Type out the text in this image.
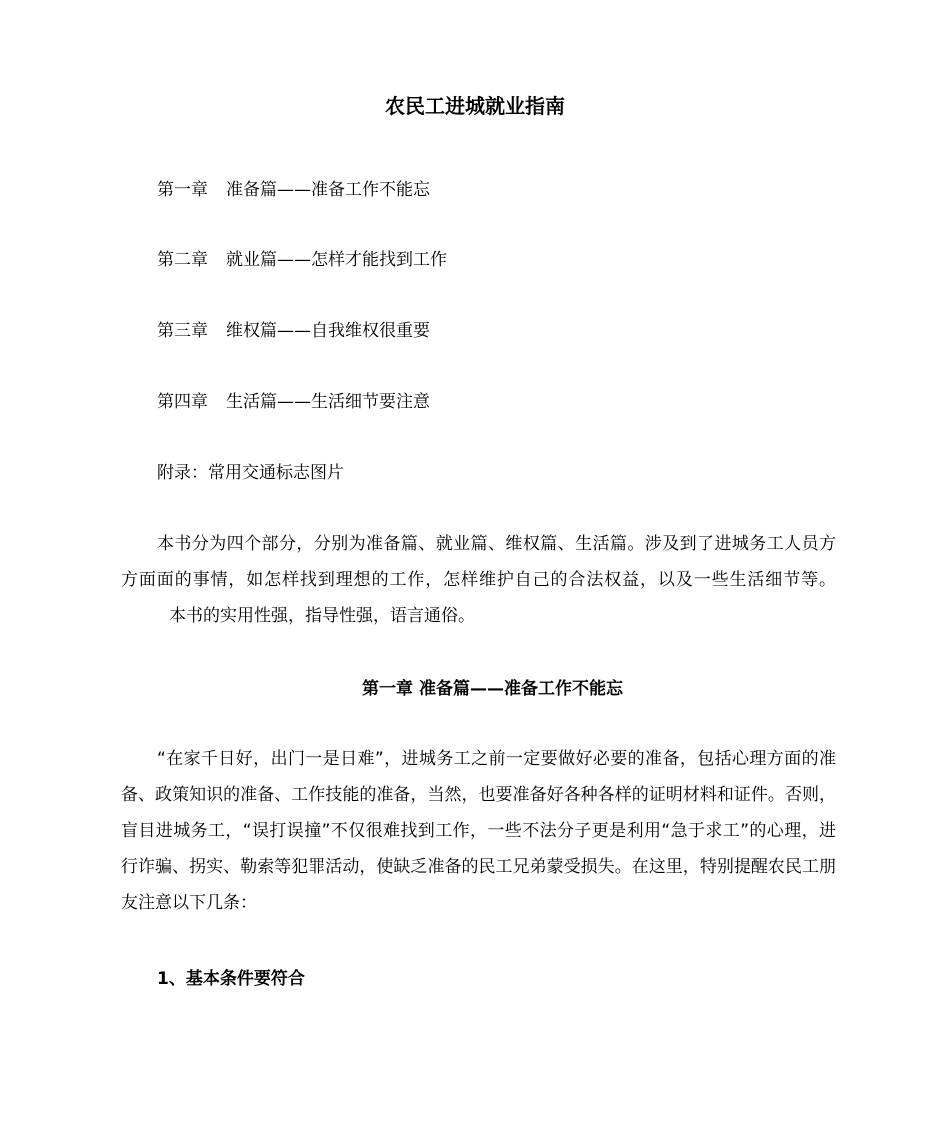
农民工进城就业指南
第一章 准备篇——准备工作不能忘
第二章 就业篇——怎样才能找到工作
第三章 维权篇——自我维权很重要
第四章 生活篇——生活细节要注意
附录：常用交通标志图片
本书分为四个部分，分别为准备篇、就业篇、维权篇、生活篇。涉及到了进城务工人员方方面面的事情，如怎样找到理想的工作，怎样维护自己的合法权益，以及一些生活细节等。本书的实用性强，指导性强，语言通俗。
第一章 准备篇——准备工作不能忘
“在家千日好，出门一是日难”，进城务工之前一定要做好必要的准备，包括心理方面的准备、政策知识的准备、工作技能的准备，当然，也要准备好各种各样的证明材料和证件。否则，盲目进城务工，“误打误撞”不仅很难找到工作，一些不法分子更是利用“急于求工”的心理，进行诈骗、拐实、勒索等犯罪活动，使缺乏准备的民工兄弟蒙受损失。在这里，特别提醒农民工朋友注意以下几条：
1、基本条件要符合
